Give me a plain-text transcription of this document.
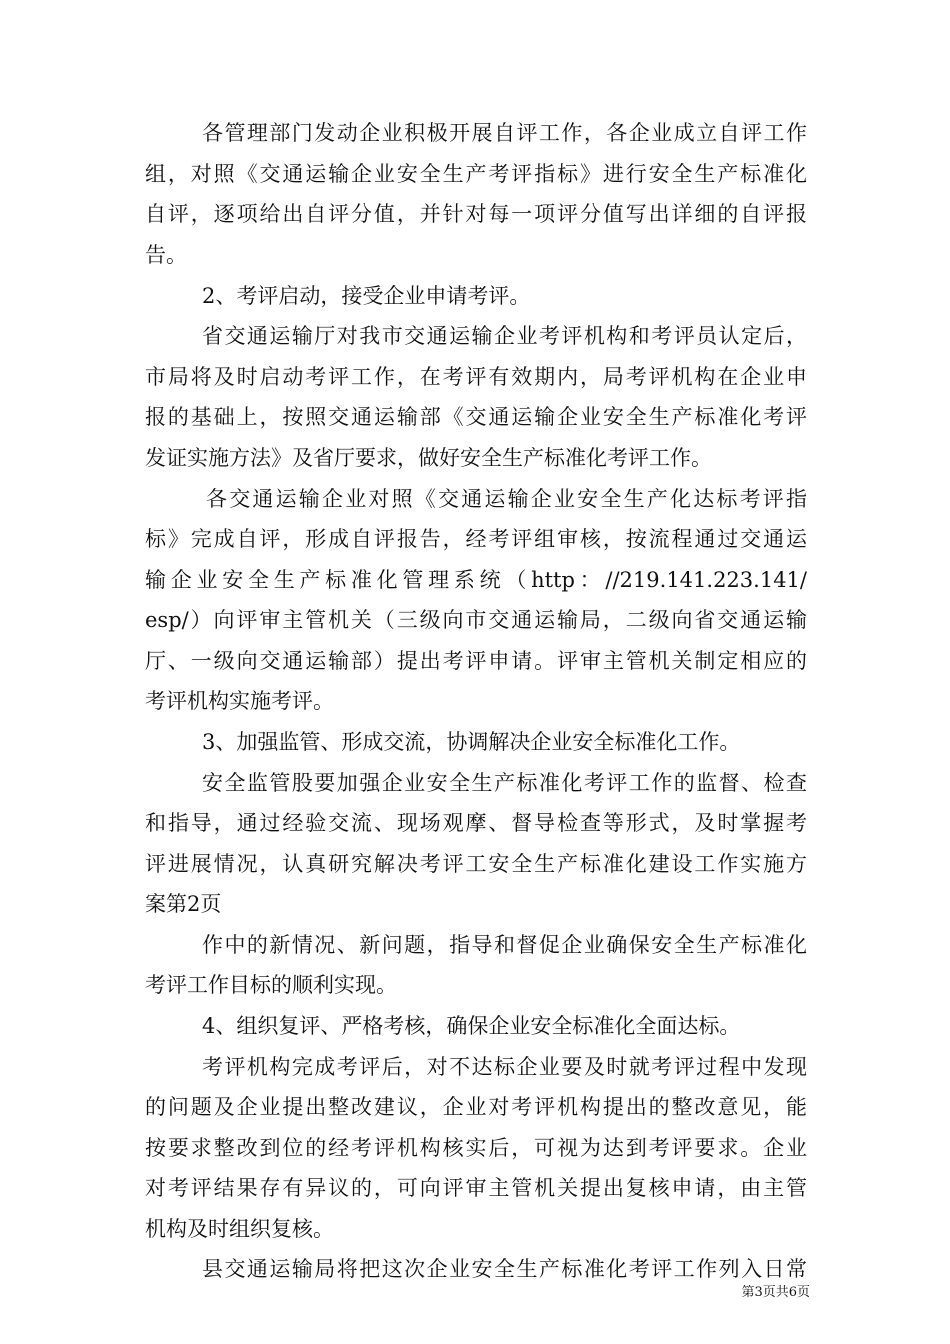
各管理部门发动企业积极开展自评工作，各企业成立自评工作
组，对照《交通运输企业安全生产考评指标》进行安全生产标准化
自评，逐项给出自评分值，并针对每一项评分值写出详细的自评报
告。
2、考评启动，接受企业申请考评。
省交通运输厅对我市交通运输企业考评机构和考评员认定后，
市局将及时启动考评工作，在考评有效期内，局考评机构在企业申
报的基础上，按照交通运输部《交通运输企业安全生产标准化考评
发证实施方法》及省厅要求，做好安全生产标准化考评工作。
各交通运输企业对照《交通运输企业安全生产化达标考评指
标》完成自评，形成自评报告，经考评组审核，按流程通过交通运
输企业安全生产标准化管理系统（http：//219.141.223.141/
esp/）向评审主管机关（三级向市交通运输局，二级向省交通运输
厅、一级向交通运输部）提出考评申请。评审主管机关制定相应的
考评机构实施考评。
3、加强监管、形成交流，协调解决企业安全标准化工作。
安全监管股要加强企业安全生产标准化考评工作的监督、检查
和指导，通过经验交流、现场观摩、督导检查等形式，及时掌握考
评进展情况，认真研究解决考评工安全生产标准化建设工作实施方
案第2页
作中的新情况、新问题，指导和督促企业确保安全生产标准化
考评工作目标的顺利实现。
4、组织复评、严格考核，确保企业安全标准化全面达标。
考评机构完成考评后，对不达标企业要及时就考评过程中发现
的问题及企业提出整改建议，企业对考评机构提出的整改意见，能
按要求整改到位的经考评机构核实后，可视为达到考评要求。企业
对考评结果存有异议的，可向评审主管机关提出复核申请，由主管
机构及时组织复核。
县交通运输局将把这次企业安全生产标准化考评工作列入日常
第3页共6页
